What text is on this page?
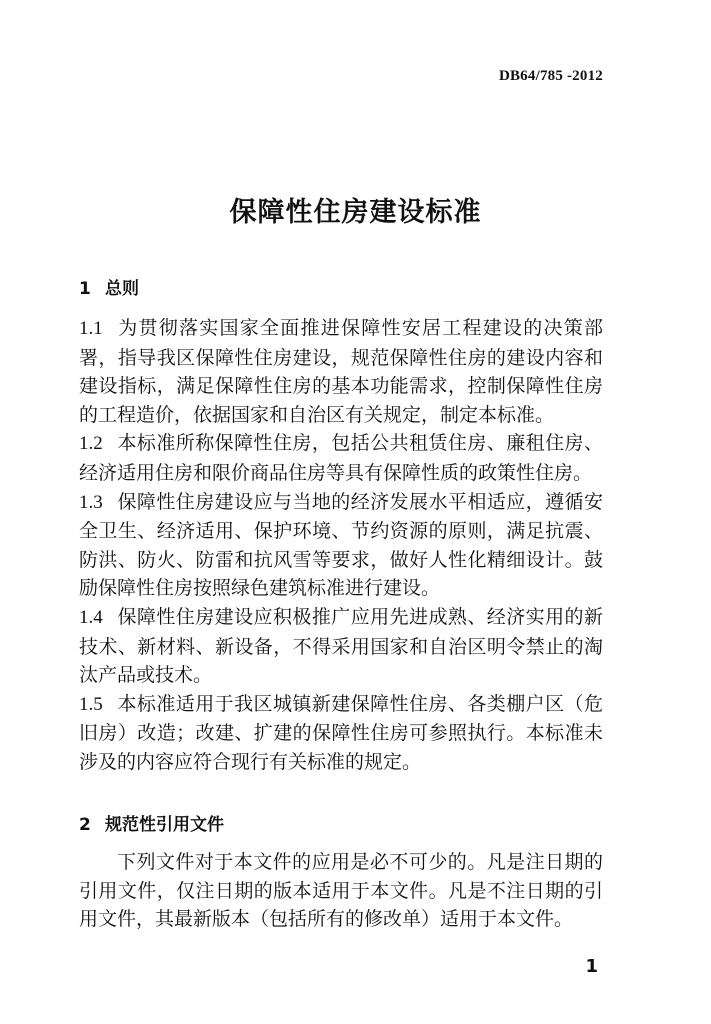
DB64/785 -2012
保障性住房建设标准
1 总则

1.1 为贯彻落实国家全面推进保障性安居工程建设的决策部署，指导我区保障性住房建设，规范保障性住房的建设内容和建设指标，满足保障性住房的基本功能需求，控制保障性住房的工程造价，依据国家和自治区有关规定，制定本标准。

1.2 本标准所称保障性住房，包括公共租赁住房、廉租住房、经济适用住房和限价商品住房等具有保障性质的政策性住房。

1.3 保障性住房建设应与当地的经济发展水平相适应，遵循安全卫生、经济适用、保护环境、节约资源的原则，满足抗震、防洪、防火、防雷和抗风雪等要求，做好人性化精细设计。鼓励保障性住房按照绿色建筑标准进行建设。

1.4 保障性住房建设应积极推广应用先进成熟、经济实用的新技术、新材料、新设备，不得采用国家和自治区明令禁止的淘汰产品或技术。

1.5 本标准适用于我区城镇新建保障性住房、各类棚户区（危旧房）改造；改建、扩建的保障性住房可参照执行。本标准未涉及的内容应符合现行有关标准的规定。

2 规范性引用文件

下列文件对于本文件的应用是必不可少的。凡是注日期的引用文件，仅注日期的版本适用于本文件。凡是不注日期的引用文件，其最新版本（包括所有的修改单）适用于本文件。

1
